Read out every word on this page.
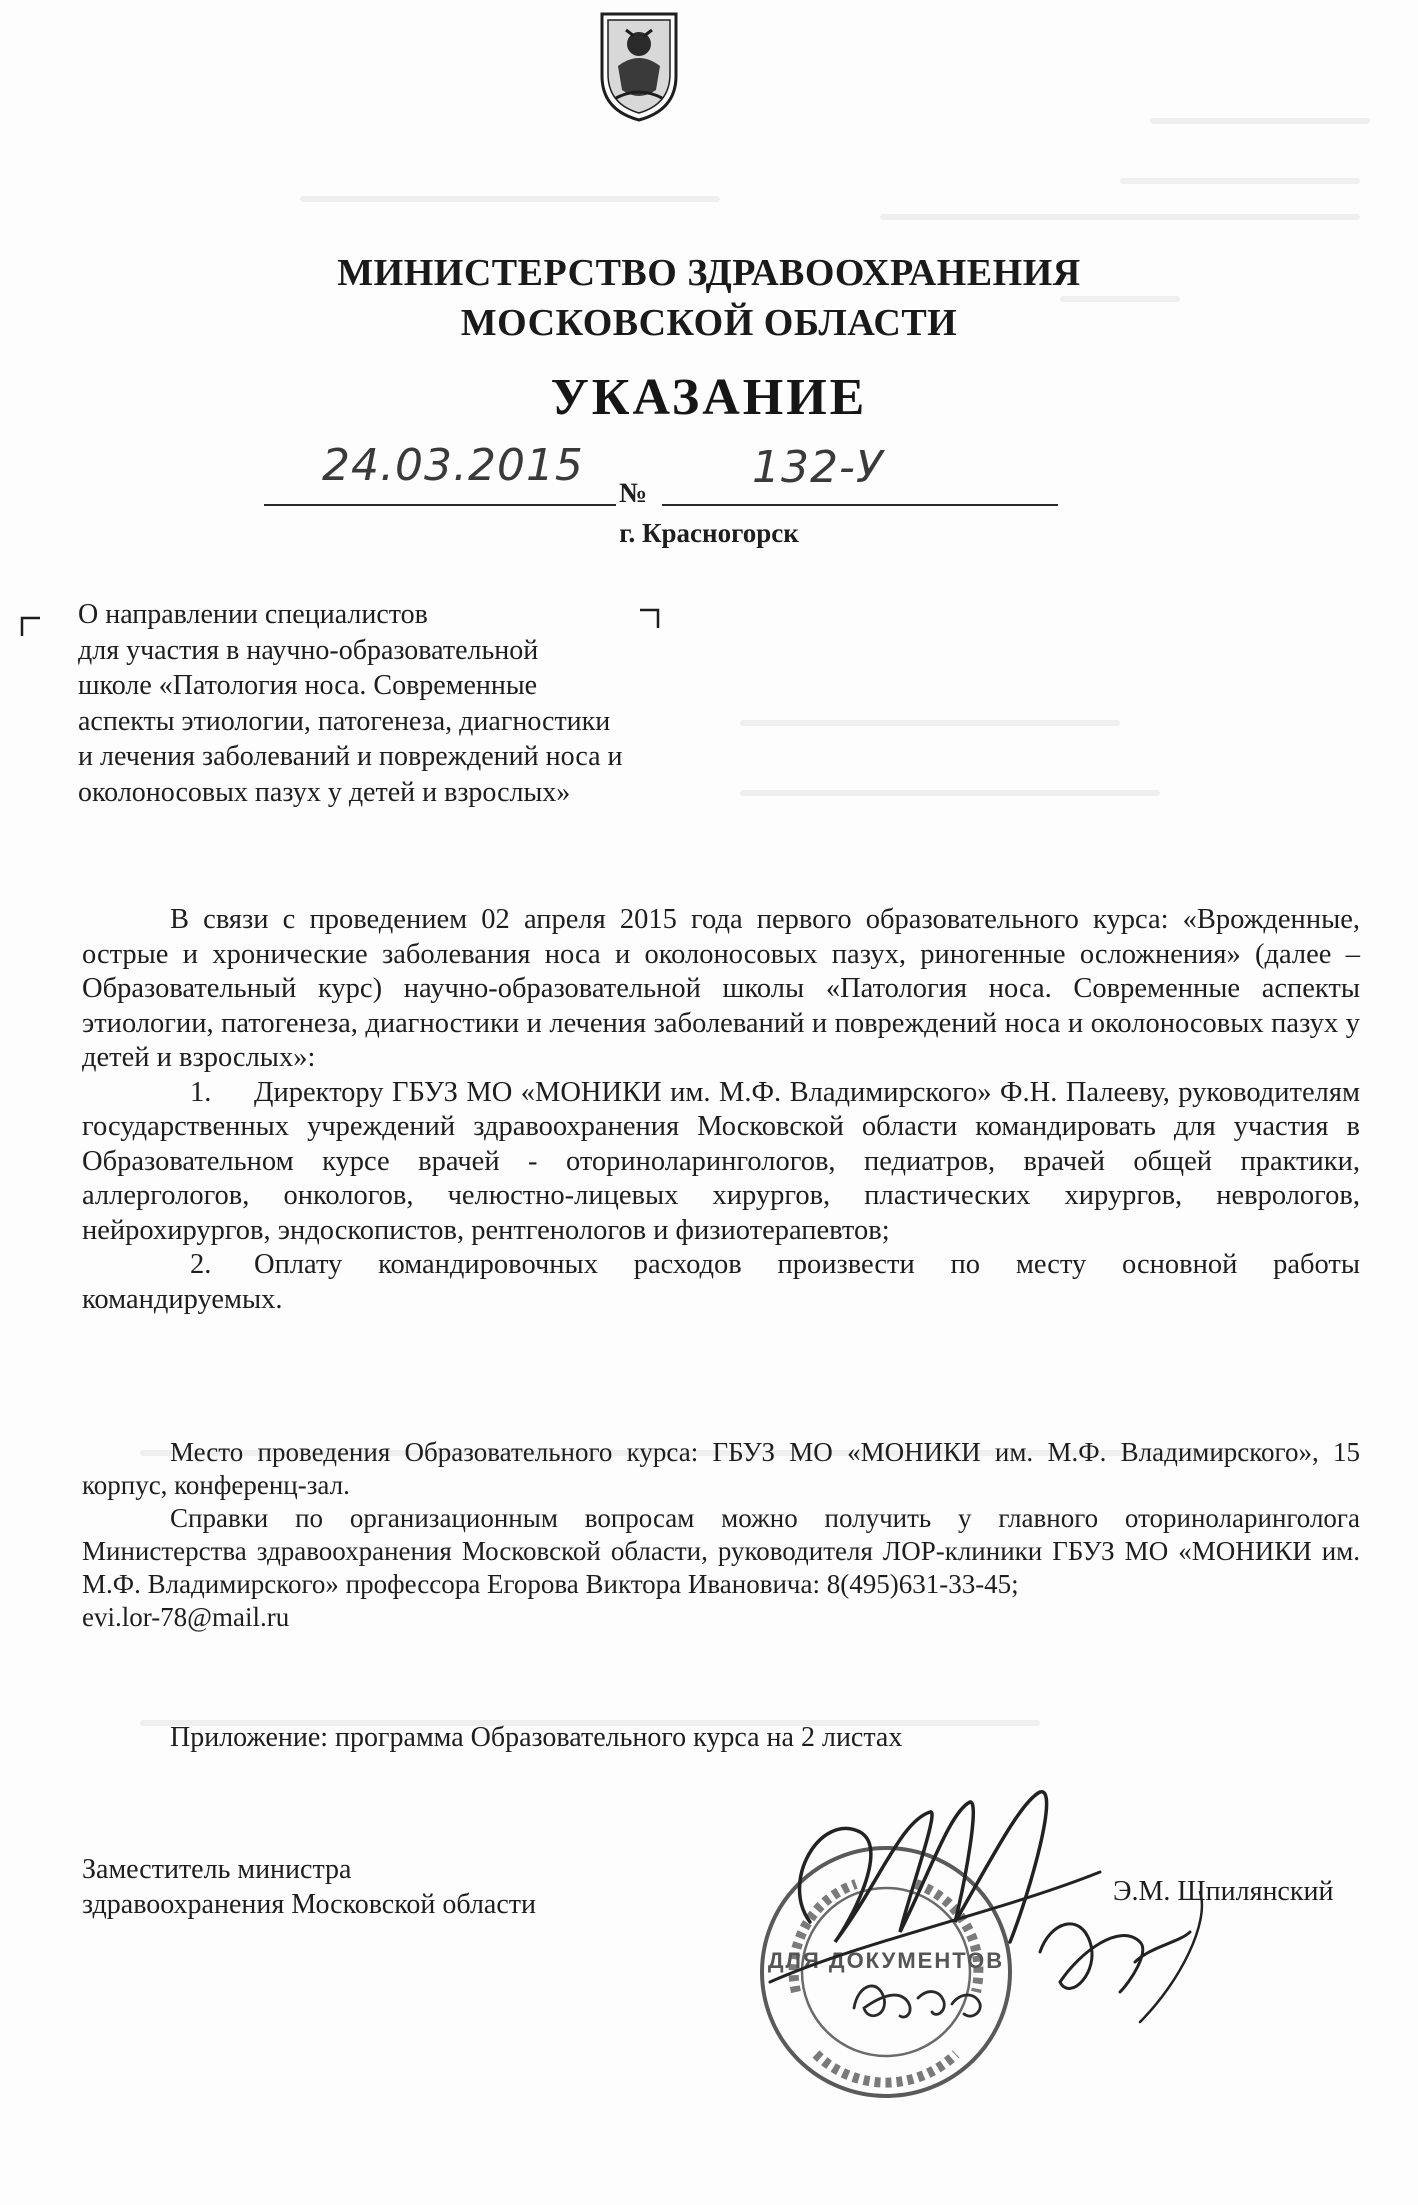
МИНИСТЕРСТВО ЗДРАВООХРАНЕНИЯ
МОСКОВСКОЙ ОБЛАСТИ
УКАЗАНИЕ
24.03.2015
№
132-У
г. Красногорск
О направлении специалистов
для участия в научно-образовательной
школе «Патология носа. Современные
аспекты этиологии, патогенеза, диагностики
и лечения заболеваний и повреждений носа и
околоносовых пазух у детей и взрослых»

В связи с проведением 02 апреля 2015 года первого образовательного курса: «Врожденные, острые и хронические заболевания носа и околоносовых пазух, риногенные осложнения» (далее – Образовательный курс) научно-образовательной школы «Патология носа. Современные аспекты этиологии, патогенеза, диагностики и лечения заболеваний и повреждений носа и околоносовых пазух у детей и взрослых»:

1. Директору ГБУЗ МО «МОНИКИ им. М.Ф. Владимирского» Ф.Н. Палееву, руководителям государственных учреждений здравоохранения Московской области командировать для участия в Образовательном курсе врачей - оториноларингологов, педиатров, врачей общей практики, аллергологов, онкологов, челюстно-лицевых хирургов, пластических хирургов, неврологов, нейрохирургов, эндоскопистов, рентгенологов и физиотерапевтов;

2. Оплату командировочных расходов произвести по месту основной работы командируемых.

Место проведения Образовательного курса: ГБУЗ МО «МОНИКИ им. М.Ф. Владимирского», 15 корпус, конференц-зал.

Справки по организационным вопросам можно получить у главного оториноларинголога Министерства здравоохранения Московской области, руководителя ЛОР-клиники ГБУЗ МО «МОНИКИ им. М.Ф. Владимирского» профессора Егорова Виктора Ивановича: 8(495)631-33-45;

evi.lor-78@mail.ru

Приложение: программа Образовательного курса на 2 листах
Заместитель министра
здравоохранения Московской области
ДЛЯ ДОКУМЕНТОВ
Э.М. Шпилянский
